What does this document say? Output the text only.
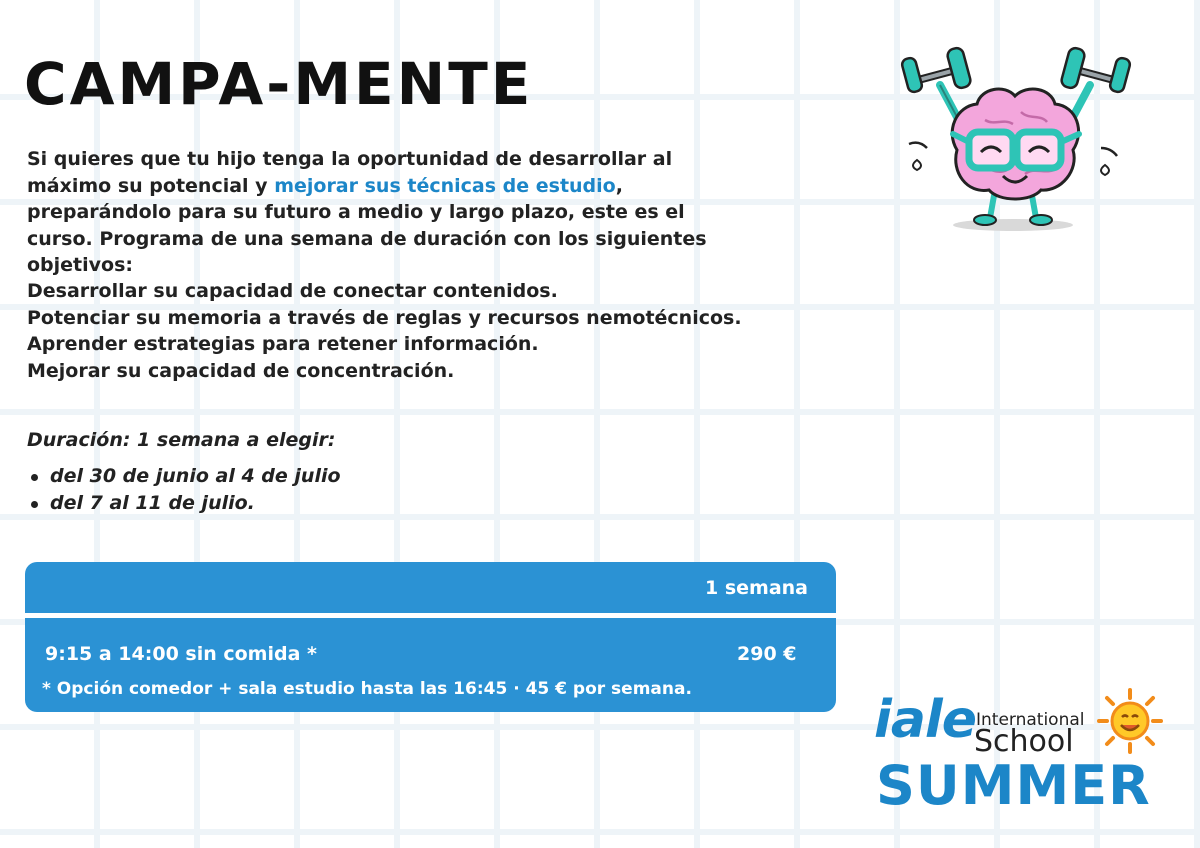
CAMPA-MENTE

Si quieres que tu hijo tenga la oportunidad de desarrollar al máximo su potencial y mejorar sus técnicas de estudio, preparándolo para su futuro a medio y largo plazo, este es el curso. Programa de una semana de duración con los siguientes objetivos:

Desarrollar su capacidad de conectar contenidos.
Potenciar su memoria a través de reglas y recursos nemotécnicos.
Aprender estrategias para retener información.
Mejorar su capacidad de concentración.

Duración: 1 semana a elegir:

del 30 de junio al 4 de julio
del 7 al 11 de julio.
1 semana
9:15 a 14:00 sin comida *	290 €
* Opción comedor + sala estudio hasta las 16:45 · 45 € por semana.
iale International
School
SUMMER
